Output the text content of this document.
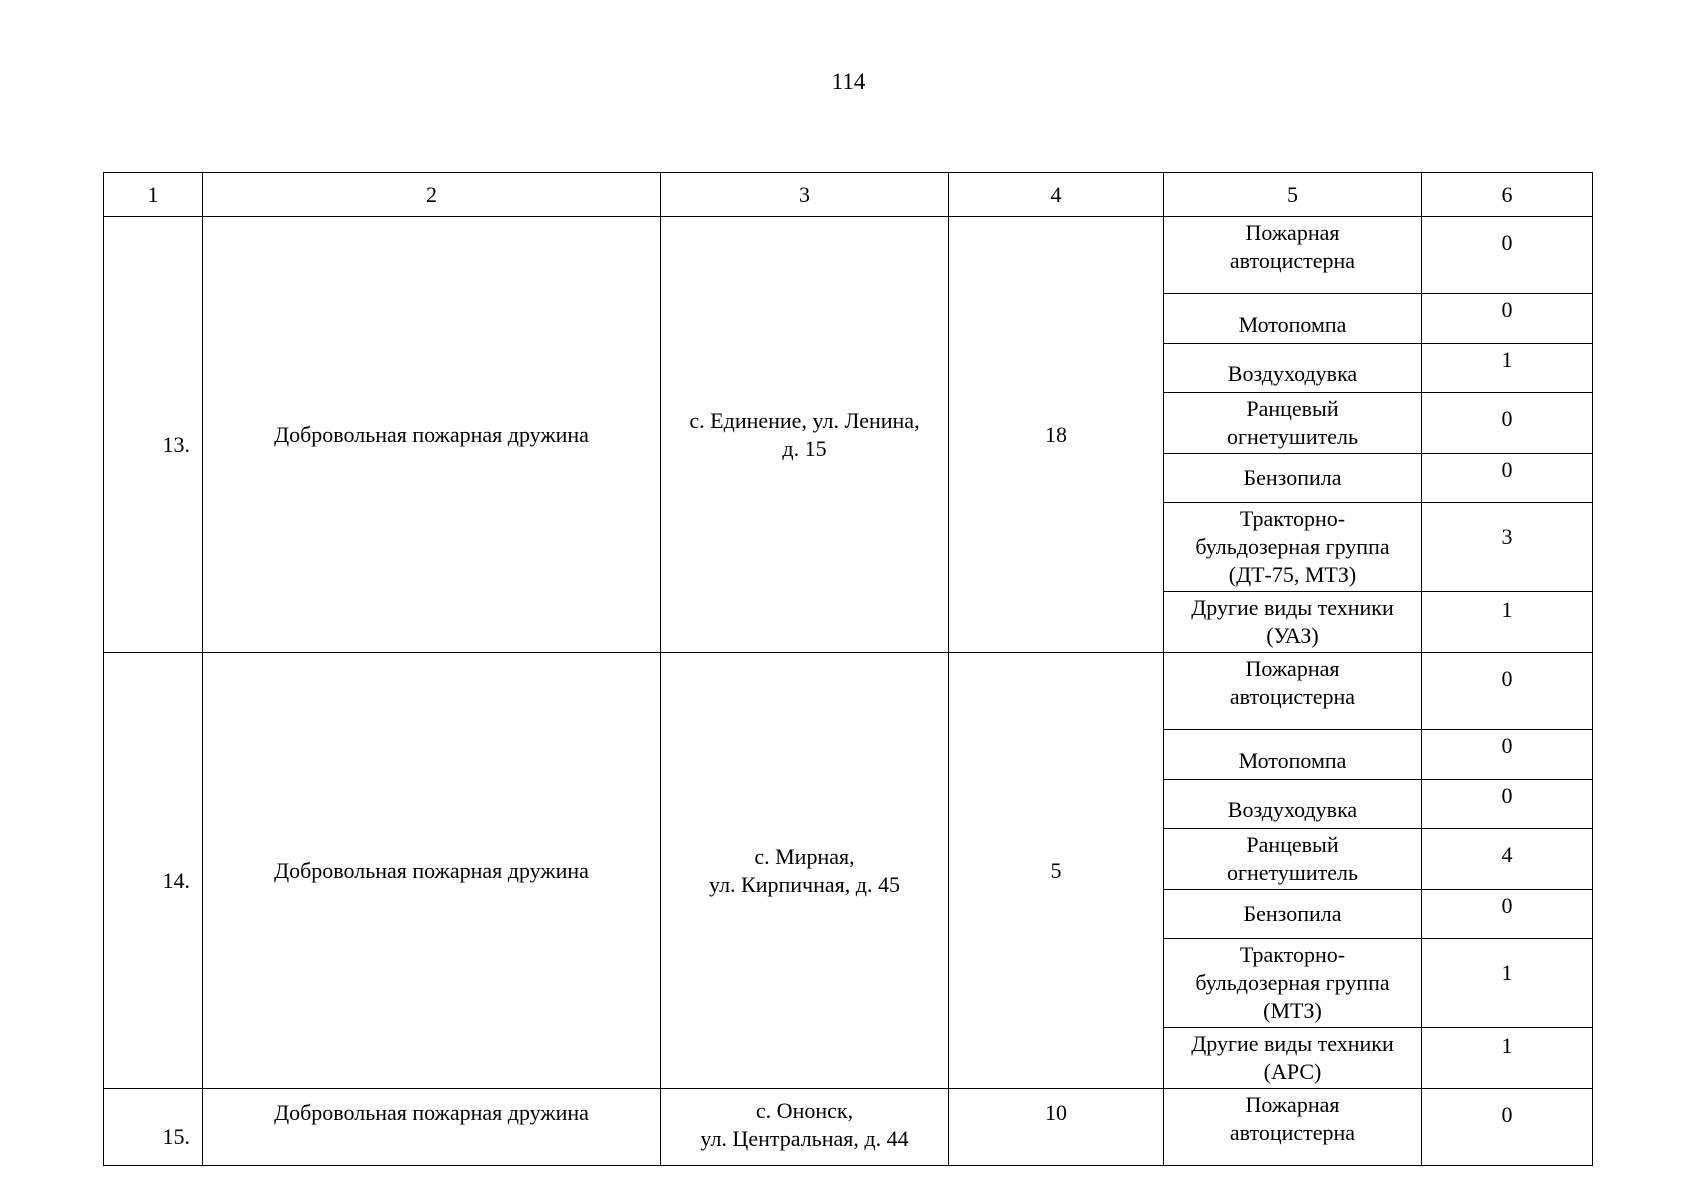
114
1	2	3	4	5	6
13.	Добровольная пожарная дружина	с. Единение, ул. Ленина,
д. 15	18	Пожарная
автоцистерна	0

				Мотопомпа	0

				Воздуходувка	1

				Ранцевый
огнетушитель	0

				Бензопила	0

				Тракторно-
бульдозерная группа
(ДТ-75, МТЗ)	3

				Другие виды техники
(УАЗ)	1
14.	Добровольная пожарная дружина	с. Мирная,
ул. Кирпичная, д. 45	5	Пожарная
автоцистерна	0

				Мотопомпа	0

				Воздуходувка	0

				Ранцевый
огнетушитель	4

				Бензопила	0

				Тракторно-
бульдозерная группа
(МТЗ)	1

				Другие виды техники
(АРС)	1
15.	Добровольная пожарная дружина	с. Ононск,
ул. Центральная, д. 44	10	Пожарная
автоцистерна	0
